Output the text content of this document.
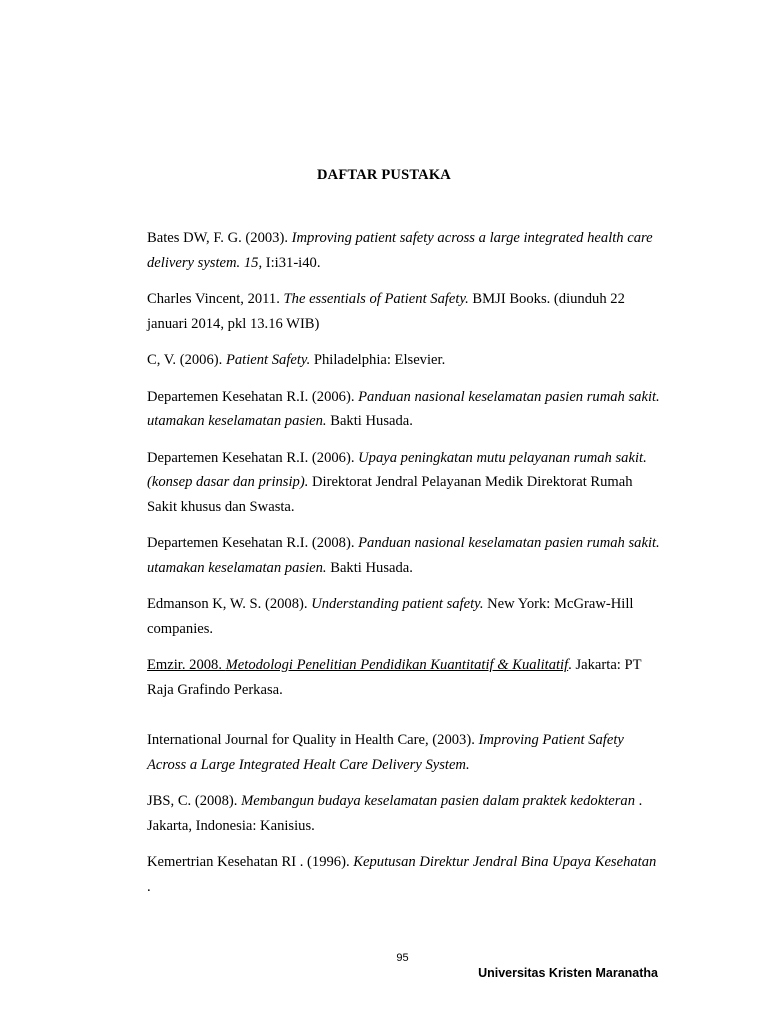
DAFTAR PUSTAKA

Bates DW, F. G. (2003). Improving patient safety across a large integrated health care delivery system. 15, I:i31-i40.

Charles Vincent, 2011. The essentials of Patient Safety. BMJI Books. (diunduh 22 januari 2014, pkl 13.16 WIB)

C, V. (2006). Patient Safety. Philadelphia: Elsevier.

Departemen Kesehatan R.I. (2006). Panduan nasional keselamatan pasien rumah sakit. utamakan keselamatan pasien. Bakti Husada.

Departemen Kesehatan R.I. (2006). Upaya peningkatan mutu pelayanan rumah sakit.(konsep dasar dan prinsip). Direktorat Jendral Pelayanan Medik Direktorat Rumah Sakit khusus dan Swasta.

Departemen Kesehatan R.I. (2008). Panduan nasional keselamatan pasien rumah sakit. utamakan keselamatan pasien. Bakti Husada.

Edmanson K, W. S. (2008). Understanding patient safety. New York: McGraw-Hill companies.

Emzir. 2008. Metodologi Penelitian Pendidikan Kuantitatif & Kualitatif. Jakarta: PT Raja Grafindo Perkasa.

International Journal for Quality in Health Care, (2003). Improving Patient Safety Across a Large Integrated Healt Care Delivery System.

JBS, C. (2008). Membangun budaya keselamatan pasien dalam praktek kedokteran . Jakarta, Indonesia: Kanisius.

Kemertrian Kesehatan RI . (1996). Keputusan Direktur Jendral Bina Upaya Kesehatan .

95
Universitas Kristen Maranatha
